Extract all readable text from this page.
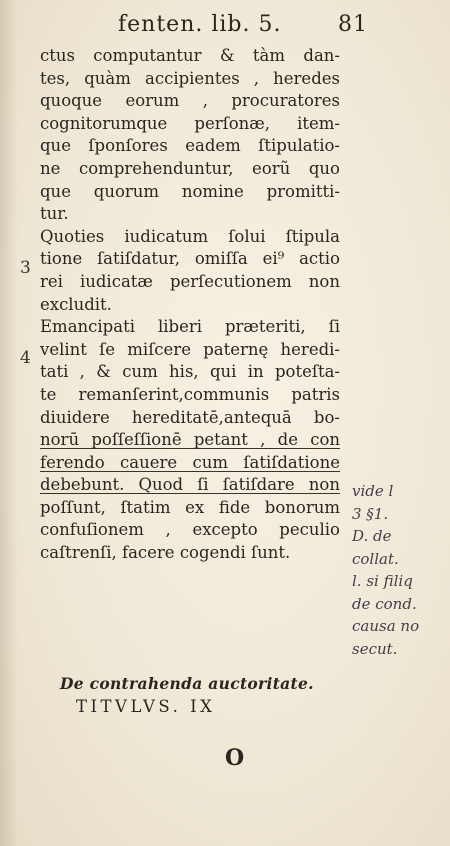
fenten. lib. 5.	81
3
4
ctus computantur & tàm dan-
tes, quàm accipientes , heredes
quoque eorum , procuratores
cognitorumque perſonæ, item-
que ſponſores eadem ſtipulatio-
ne comprehenduntur, eorũ quo
que quorum nomine promitti-
tur.
Quoties iudicatum ſolui ſtipula
tione ſatiſdatur, omiſſa ei⁹ actio
rei iudicatæ perſecutionem non
excludit.
Emancipati liberi præteriti, ſi
velint ſe miſcere paternę heredi-
tati , & cum his, qui in poteſta-
te remanſerint,communis patris
diuidere hereditatē,antequā bo-
norū poſſeſſionē petant , de con
ferendo cauere cum ſatiſdatione
debebunt. Quod ſi ſatiſdare non
poſſunt, ſtatim ex fide bonorum
confuſionem , excepto peculio
caſtrenſi, facere cogendi ſunt.
De contrahenda auctoritate.
TITVLVS. IX
O
vide l
3 §1.
D. de
collat.
l. si filiq
de cond.
causa no
secut.
